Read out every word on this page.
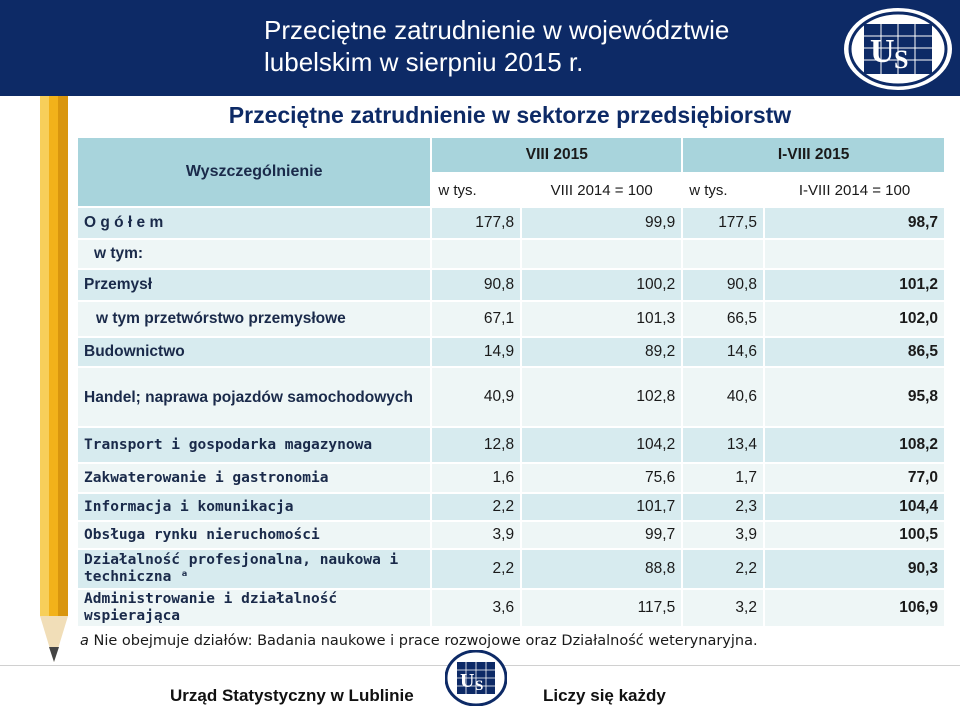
Przeciętne zatrudnienie w województwie
lubelskim w sierpniu 2015 r.	U S
Przeciętne zatrudnienie w sektorze przedsiębiorstw
Wyszczególnienie	VIII 2015		I-VIII 2015	
	w tys.	VIII 2014 = 100	w tys.	I-VIII 2014 = 100
O g ó ł e m	177,8	99,9	177,5	98,7
w tym:				
Przemysł	90,8	100,2	90,8	101,2
w tym przetwórstwo przemysłowe	67,1	101,3	66,5	102,0
Budownictwo	14,9	89,2	14,6	86,5
Handel; naprawa pojazdów samochodowych	40,9	102,8	40,6	95,8
Transport i gospodarka magazynowa	12,8	104,2	13,4	108,2
Zakwaterowanie i gastronomia	1,6	75,6	1,7	77,0
Informacja i komunikacja	2,2	101,7	2,3	104,4
Obsługa rynku nieruchomości	3,9	99,7	3,9	100,5
Działalność profesjonalna, naukowa i techniczna ᵃ	2,2	88,8	2,2	90,3
Administrowanie i działalność wspierająca	3,6	117,5	3,2	106,9
a Nie obejmuje działów: Badania naukowe i prace rozwojowe oraz Działalność weterynaryjna.
Urząd Statystyczny w Lublinie	Liczy się każdy
U S
